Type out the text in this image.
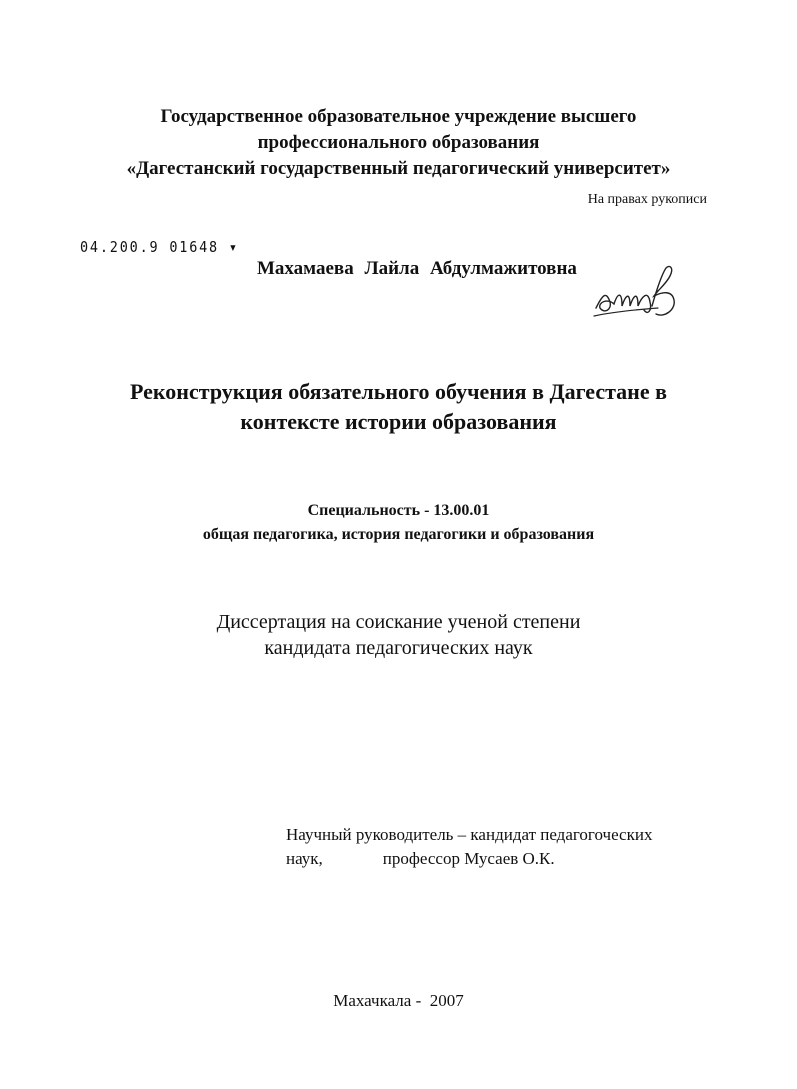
Государственное образовательное учреждение высшего
профессионального образования
«Дагестанский государственный педагогический университет»
На правах рукописи
04.200.9 01648 ▾
Махамаева Лайла Абдулмажитовна
Реконструкция обязательного обучения в Дагестане в
контексте истории образования
Специальность - 13.00.01
общая педагогика, история педагогики и образования
Диссертация на соискание ученой степени
кандидата педагогических наук
Научный руководитель – кандидат педагогоческих
наук,	профессор Мусаев О.К.
Махачкала -  2007
